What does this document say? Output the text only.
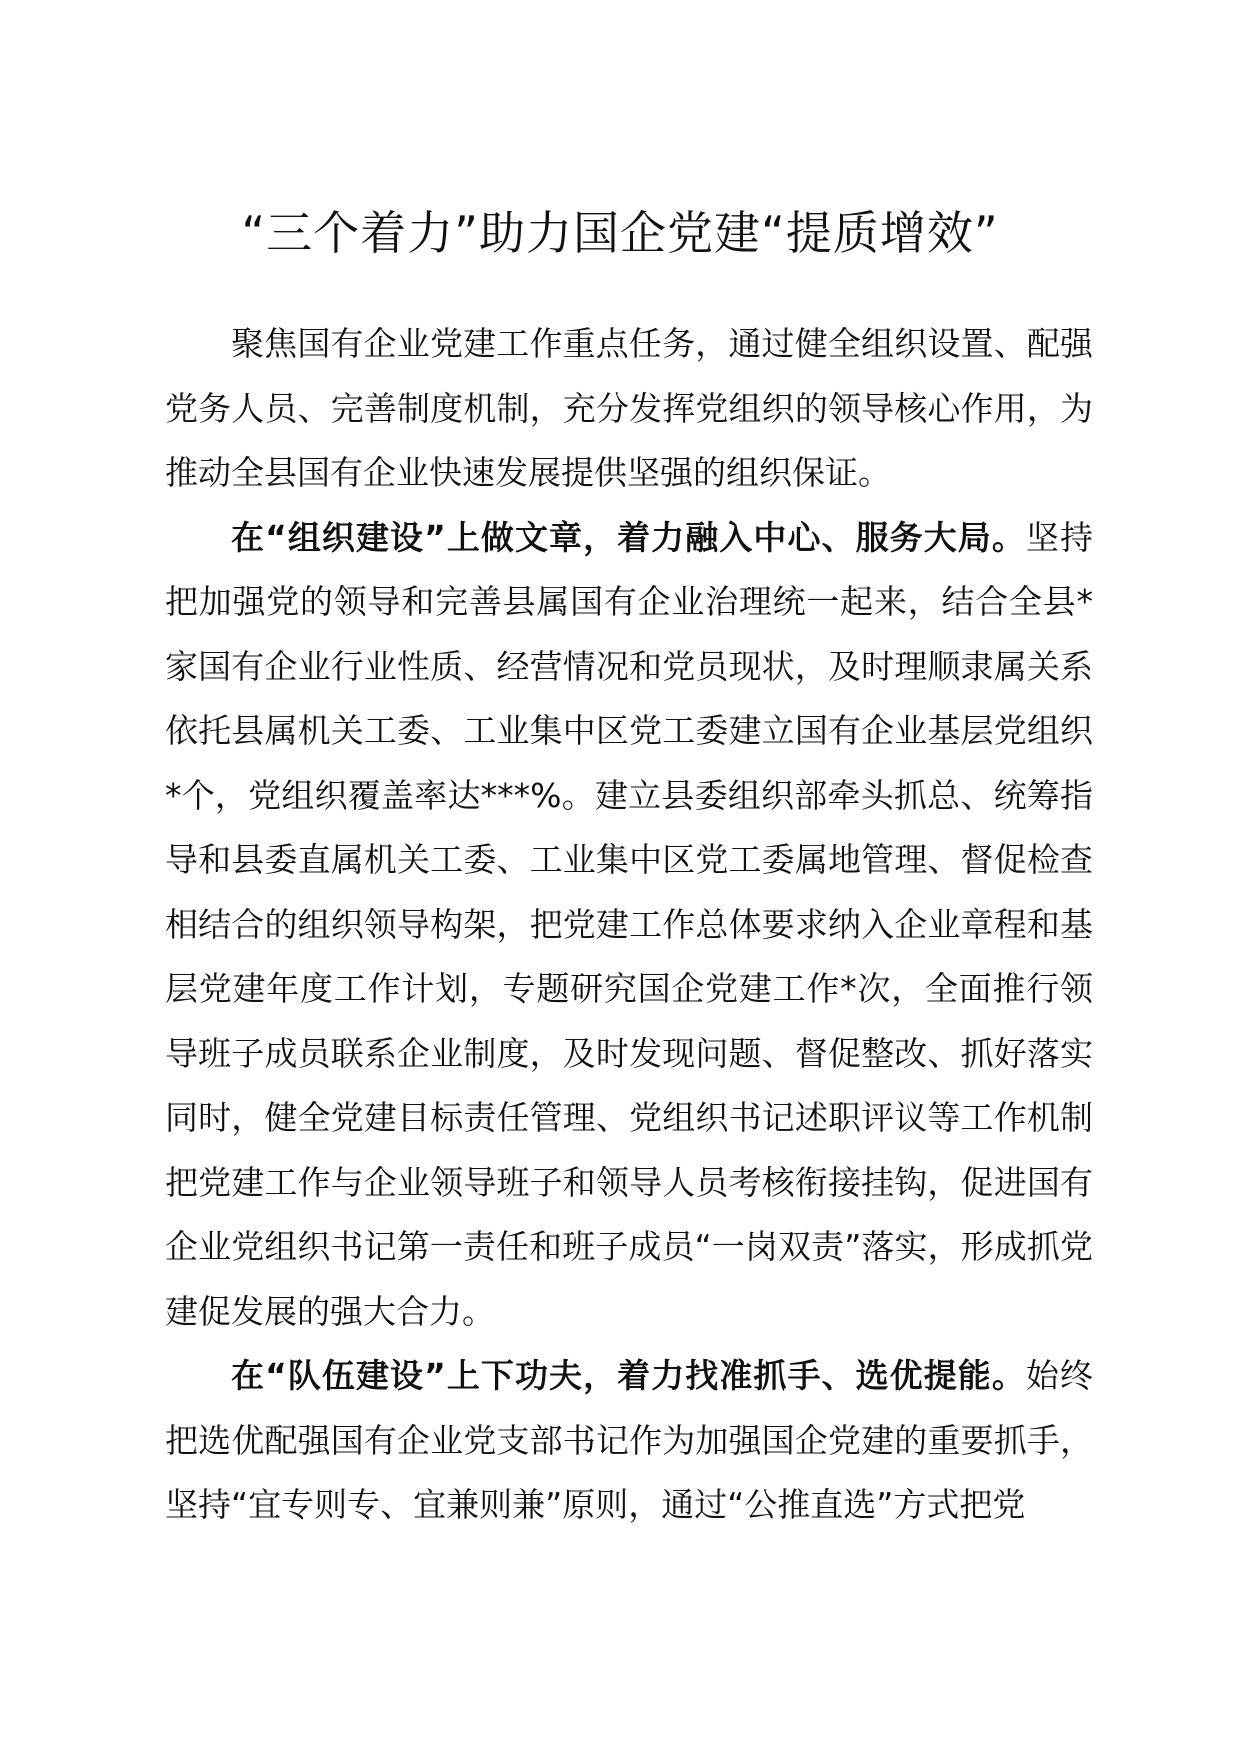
“三个着力”助力国企党建“提质增效”

聚焦国有企业党建工作重点任务，通过健全组织设置、配强党务人员、完善制度机制，充分发挥党组织的领导核心作用，为推动全县国有企业快速发展提供坚强的组织保证。

在“组织建设”上做文章，着力融入中心、服务大局。坚持把加强党的领导和完善县属国有企业治理统一起来，结合全县*家国有企业行业性质、经营情况和党员现状，及时理顺隶属关系依托县属机关工委、工业集中区党工委建立国有企业基层党组织*个，党组织覆盖率达***%。建立县委组织部牵头抓总、统筹指导和县委直属机关工委、工业集中区党工委属地管理、督促检查相结合的组织领导构架，把党建工作总体要求纳入企业章程和基层党建年度工作计划，专题研究国企党建工作*次，全面推行领导班子成员联系企业制度，及时发现问题、督促整改、抓好落实同时，健全党建目标责任管理、党组织书记述职评议等工作机制把党建工作与企业领导班子和领导人员考核衔接挂钩，促进国有企业党组织书记第一责任和班子成员“一岗双责”落实，形成抓党建促发展的强大合力。

在“队伍建设”上下功夫，着力找准抓手、选优提能。始终把选优配强国有企业党支部书记作为加强国企党建的重要抓手，坚持“宜专则专、宜兼则兼”原则，通过“公推直选”方式把党
